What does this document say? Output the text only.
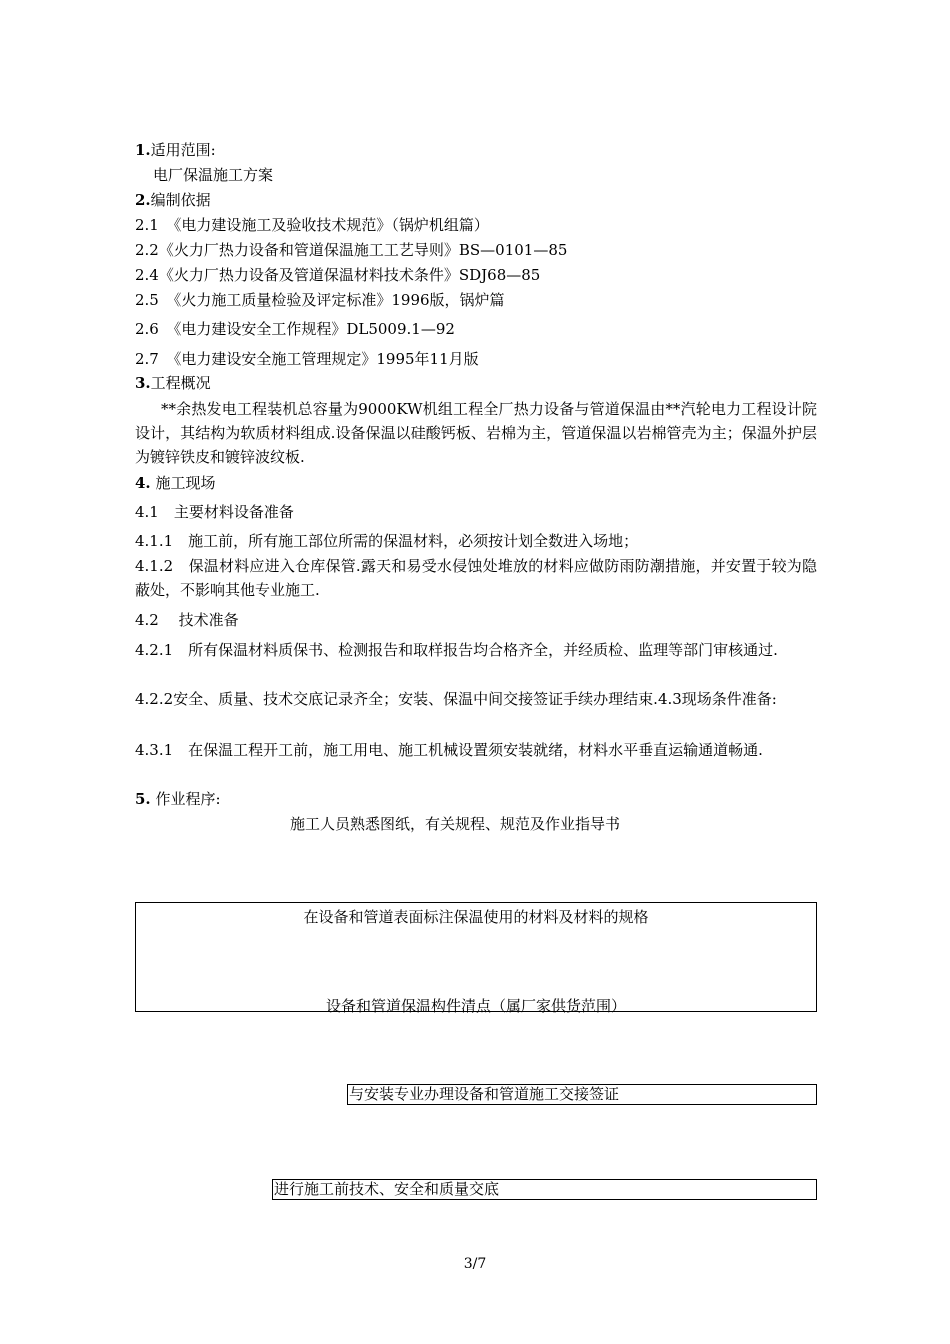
1.适用范围:
电厂保温施工方案
2.编制依据
2.1　《电力建设施工及验收技术规范》（锅炉机组篇）
2.2《火力厂热力设备和管道保温施工工艺导则》BS—0101—85
2.4《火力厂热力设备及管道保温材料技术条件》SDJ68—85
2.5　《火力施工质量检验及评定标准》1996版，锅炉篇
2.6　《电力建设安全工作规程》DL5009.1—92
2.7　《电力建设安全施工管理规定》1995年11月版
3.工程概况
**余热发电工程装机总容量为9000KW机组工程全厂热力设备与管道保温由**汽轮电力工程设计院设计，其结构为软质材料组成.设备保温以硅酸钙板、岩棉为主，管道保温以岩棉管壳为主；保温外护层为镀锌铁皮和镀锌波纹板.
4. 施工现场
4.1　主要材料设备准备
4.1.1　施工前，所有施工部位所需的保温材料，必须按计划全数进入场地；
4.1.2　保温材料应进入仓库保管.露天和易受水侵蚀处堆放的材料应做防雨防潮措施，并安置于较为隐蔽处，不影响其他专业施工.
4.2　 技术准备
4.2.1　所有保温材料质保书、检测报告和取样报告均合格齐全，并经质检、监理等部门审核通过.
4.2.2安全、质量、技术交底记录齐全；安装、保温中间交接签证手续办理结束.4.3现场条件准备:
4.3.1　在保温工程开工前，施工用电、施工机械设置须安装就绪，材料水平垂直运输通道畅通.
5. 作业程序:
施工人员熟悉图纸，有关规程、规范及作业指导书
在设备和管道表面标注保温使用的材料及材料的规格
设备和管道保温构件清点（属厂家供货范围）
与安装专业办理设备和管道施工交接签证
进行施工前技术、安全和质量交底
3/7
